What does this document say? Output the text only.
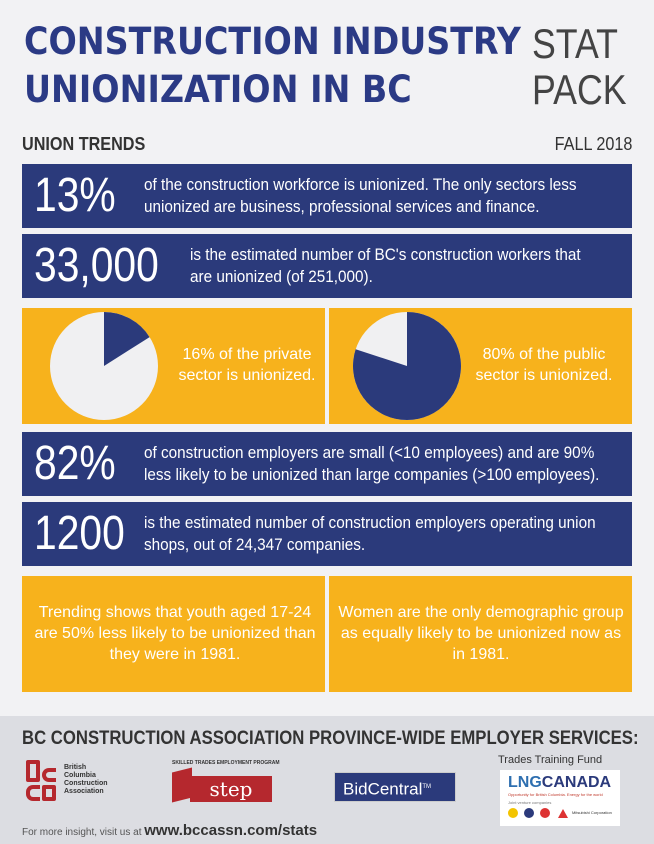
CONSTRUCTION INDUSTRY
UNIONIZATION IN BC
STAT
PACK
UNION TRENDS	FALL 2018
13% of the construction workforce is unionized. The only sectors less unionized are business, professional services and finance.
33,000 is the estimated number of BC's construction workers that are unionized (of 251,000).
16% of the private sector is unionized.
80% of the public sector is unionized.
82% of construction employers are small (<10 employees) and are 90% less likely to be unionized than large companies (>100 employees).
1200 is the estimated number of construction employers operating union shops, out of 24,347 companies.
Trending shows that youth aged 17-24 are 50% less likely to be unionized than they were in 1981.
Women are the only demographic group as equally likely to be unionized now as in 1981.
BC CONSTRUCTION ASSOCIATION PROVINCE-WIDE EMPLOYER SERVICES:
British
Columbia
Construction
Association
SKILLED TRADES EMPLOYMENT PROGRAM
step	BidCentral™
Trades Training Fund
LNGCANADA
Opportunity for British Columbia. Energy for the world
Joint venture companies
Mitsubishi Corporation
For more insight, visit us at www.bccassn.com/stats
